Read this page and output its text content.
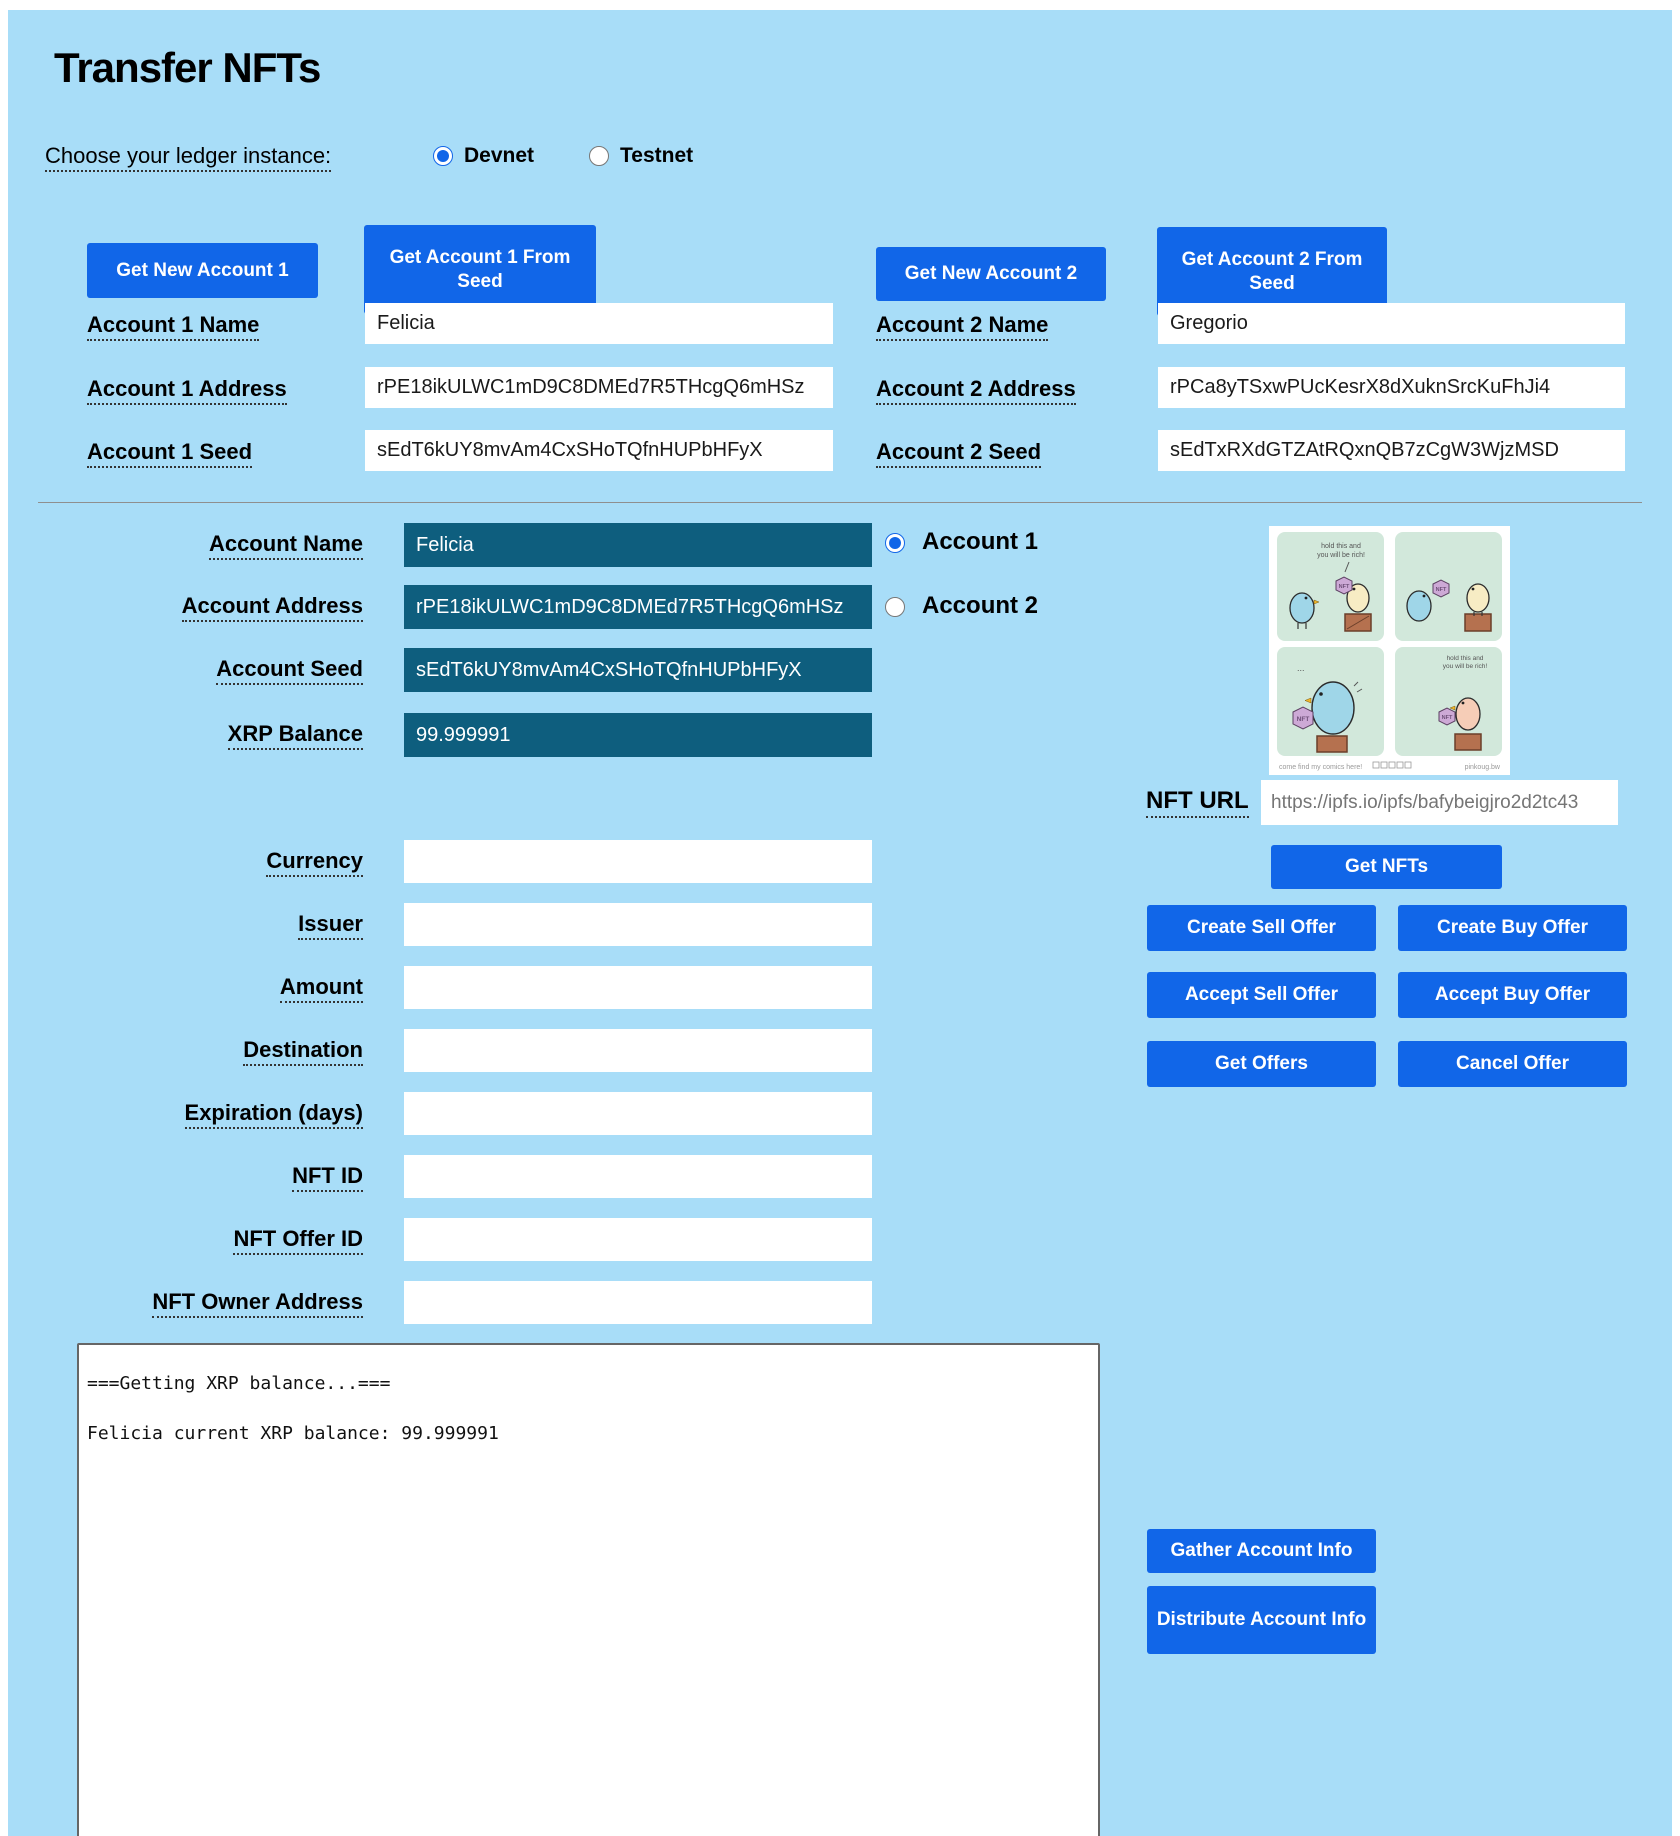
Transfer NFTs
Choose your ledger instance:	Devnet	Testnet
Get New Account 1
Get Account 1 From Seed	Get New Account 2
Get Account 2 From Seed
Account 1 Name
Felicia
Account 1 Address
rPE18ikULWC1mD9C8DMEd7R5THcgQ6mHSz
Account 1 Seed
sEdT6kUY8mvAm4CxSHoTQfnHUPbHFyX
Account 2 Name
Gregorio
Account 2 Address
rPCa8yTSxwPUcKesrX8dXuknSrcKuFhJi4
Account 2 Seed
sEdTxRXdGTZAtRQxnQB7zCgW3WjzMSD
Account Name
Felicia
Account Address
rPE18ikULWC1mD9C8DMEd7R5THcgQ6mHSz
Account Seed
sEdT6kUY8mvAm4CxSHoTQfnHUPbHFyX
XRP Balance
99.999991
Account 1
Account 2
Currency
Issuer
Amount
Destination
Expiration (days)
NFT ID
NFT Offer ID
NFT Owner Address
hold this and
you will be rich!
NFT	NFT
...
NFT
hold this and
you will be rich!
NFT
come find my comics here!	pinkoug.bw
NFT URL
https://ipfs.io/ipfs/bafybeigjro2d2tc43
Get NFTs
Create Sell Offer	Create Buy Offer
Accept Sell Offer	Accept Buy Offer
Get Offers	Cancel Offer
===Getting XRP balance...=== Felicia current XRP balance: 99.999991
Gather Account Info
Distribute Account Info
